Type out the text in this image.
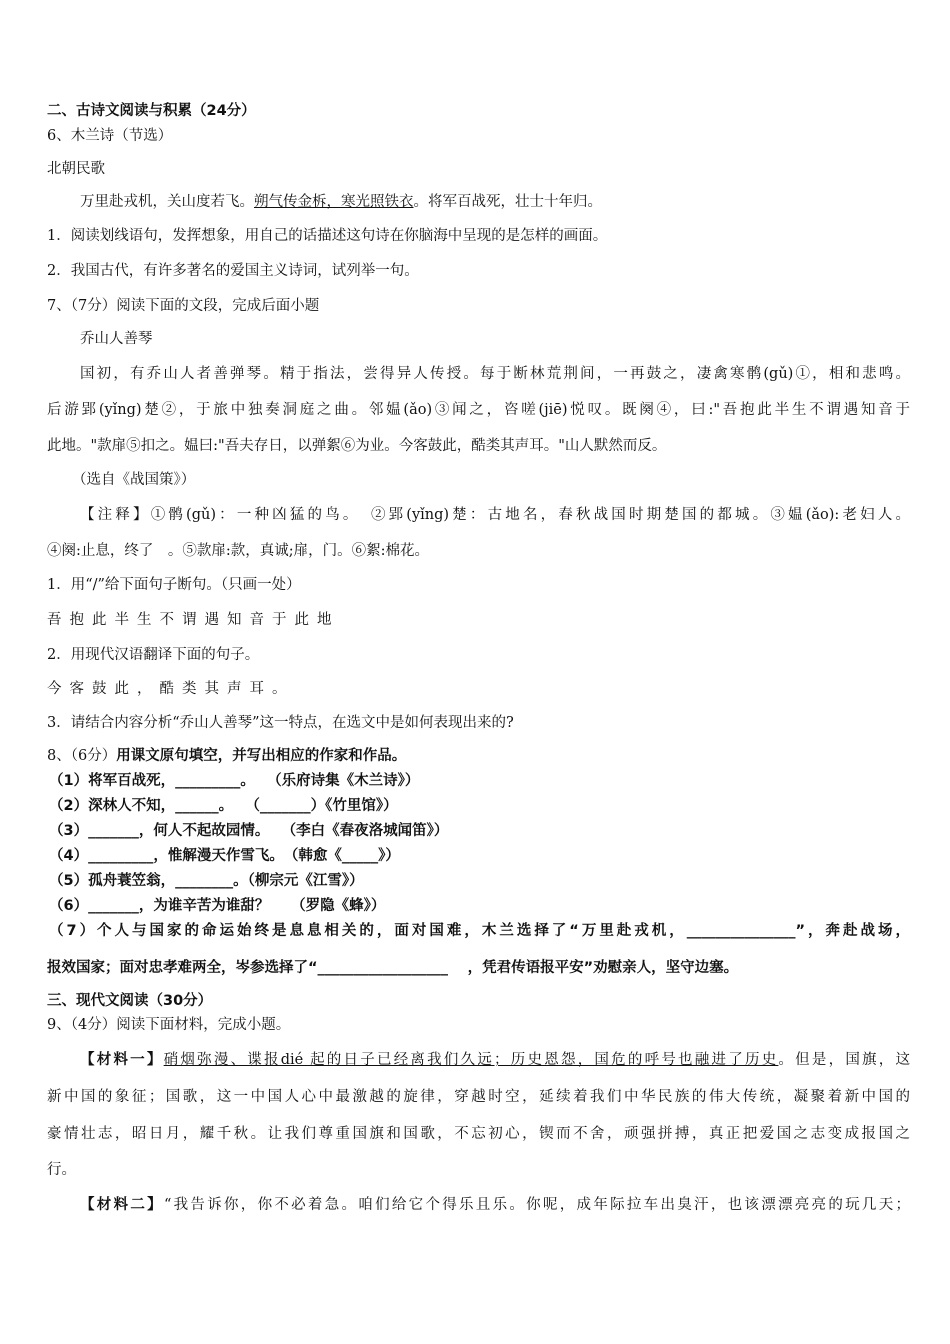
二、古诗文阅读与积累（24分）
6、木兰诗（节选）
北朝民歌
万里赴戎机，关山度若飞。朔气传金柝，寒光照铁衣。将军百战死，壮士十年归。
1．阅读划线语句，发挥想象，用自己的话描述这句诗在你脑海中呈现的是怎样的画面。
2．我国古代，有许多著名的爱国主义诗词，试列举一句。
7、（7分）阅读下面的文段，完成后面小题
乔山人善琴
国初，有乔山人者善弹琴。精于指法，尝得异人传授。每于断林荒荆间，一再鼓之，凄禽寒鹘(gǔ)①，相和悲鸣。
后游郢(yǐng)楚②，于旅中独奏洞庭之曲。邻媪(ǎo)③闻之，咨嗟(jiē)悦叹。既阕④，曰:"吾抱此半生不谓遇知音于
此地。"款扉⑤扣之。媪曰:"吾夫存日，以弹絮⑥为业。今客鼓此，酷类其声耳。"山人默然而反。
（选自《战国策》）
【注释】①鹘(gǔ)：一种凶猛的鸟。　②郢(yǐng)楚：古地名，春秋战国时期楚国的都城。③媪(ǎo):老妇人。
④阕:止息，终了　。⑤款扉:款，真诚;扉，门。⑥絮:棉花。
1．用“/”给下面句子断句。（只画一处）
吾抱此半生不谓遇知音于此地
2．用现代汉语翻译下面的句子。
今客鼓此，酷类其声耳。
3．请结合内容分析“乔山人善琴”这一特点，在选文中是如何表现出来的?
8、（6分）用课文原句填空，并写出相应的作家和作品。
（1）将军百战死，_________。　 （乐府诗集《木兰诗》）
（2）深林人不知，______。　 （_______）《竹里馆》）
（3）_______，何人不起故园情。　 （李白《春夜洛城闻笛》）
（4）_________，惟解漫天作雪飞。　（韩愈《_____》）
（5）孤舟蓑笠翁，________。（柳宗元《江雪》）
（6）_______，为谁辛苦为谁甜？　　（罗隐《蜂》）
（7）个人与国家的命运始终是息息相关的，面对国难，木兰选择了“万里赴戎机，_______________”，奔赴战场，
报效国家；面对忠孝难两全，岑参选择了“__________________　 ，凭君传语报平安”劝慰亲人，坚守边塞。
三、现代文阅读（30分）
9、（4分）阅读下面材料，完成小题。
【材料一】硝烟弥漫、谍报dié 起的日子已经离我们久远；历史恩怨，国危的呼号也融进了历史。但是，国旗，这
新中国的象征；国歌，这一中国人心中最激越的旋律，穿越时空，延续着我们中华民族的伟大传统，凝聚着新中国的
豪情壮志，昭日月，耀千秋。让我们尊重国旗和国歌，不忘初心，锲而不舍，顽强拼搏，真正把爱国之志变成报国之
行。
【材料二】“我告诉你，你不必着急。咱们给它个得乐且乐。你呢，成年际拉车出臭汗，也该漂漂亮亮的玩几天；
